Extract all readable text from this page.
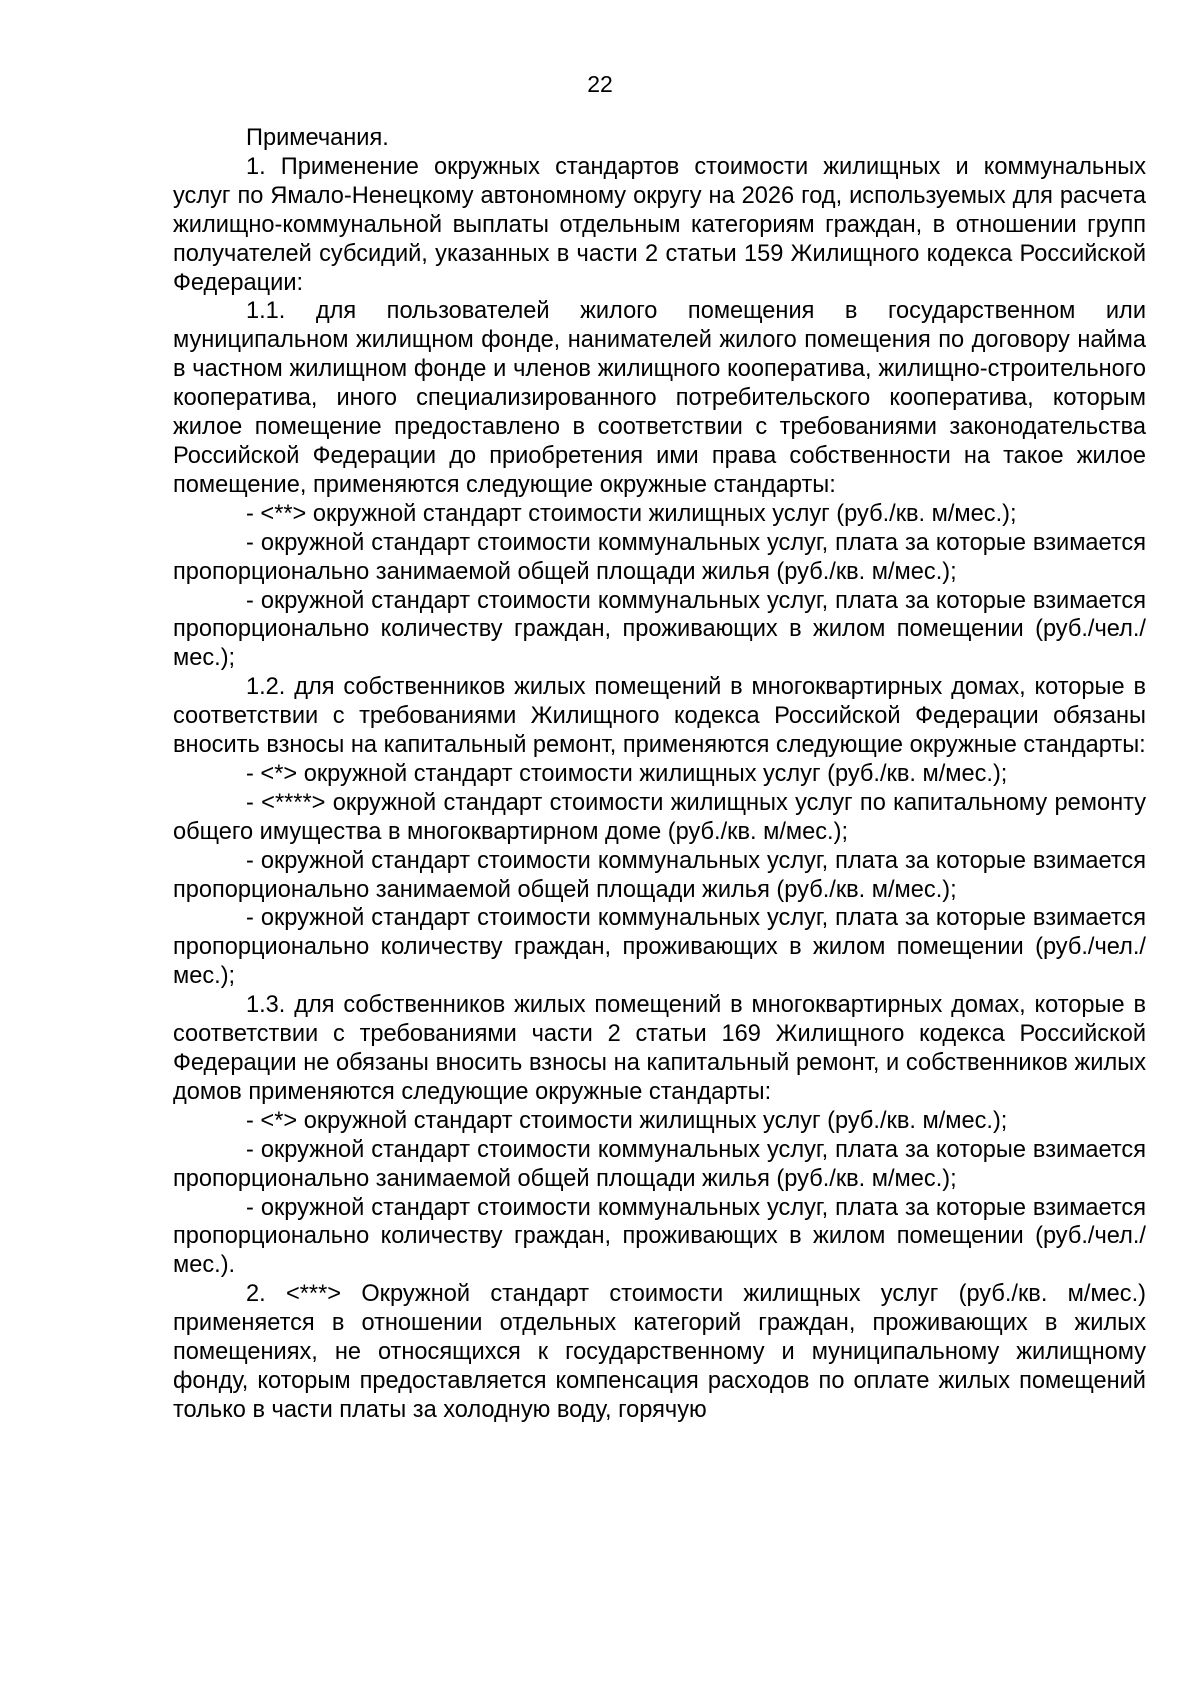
22

Примечания.

1. Применение окружных стандартов стоимости жилищных и коммунальных услуг по Ямало-Ненецкому автономному округу на 2026 год, используемых для расчета жилищно-коммунальной выплаты отдельным категориям граждан, в отношении групп получателей субсидий, указанных в части 2 статьи 159 Жилищного кодекса Российской Федерации:

1.1. для пользователей жилого помещения в государственном или муниципальном жилищном фонде, нанимателей жилого помещения по договору найма в частном жилищном фонде и членов жилищного кооператива, жилищно-строительного кооператива, иного специализированного потребительского кооператива, которым жилое помещение предоставлено в соответствии с требованиями законодательства Российской Федерации до приобретения ими права собственности на такое жилое помещение, применяются следующие окружные стандарты:

- <**> окружной стандарт стоимости жилищных услуг (руб./кв. м/мес.);

- окружной стандарт стоимости коммунальных услуг, плата за которые взимается пропорционально занимаемой общей площади жилья (руб./кв. м/мес.);

- окружной стандарт стоимости коммунальных услуг, плата за которые взимается пропорционально количеству граждан, проживающих в жилом помещении (руб./чел./мес.);

1.2. для собственников жилых помещений в многоквартирных домах, которые в соответствии с требованиями Жилищного кодекса Российской Федерации обязаны вносить взносы на капитальный ремонт, применяются следующие окружные стандарты:

- <*> окружной стандарт стоимости жилищных услуг (руб./кв. м/мес.);

- <****> окружной стандарт стоимости жилищных услуг по капитальному ремонту общего имущества в многоквартирном доме (руб./кв. м/мес.);

- окружной стандарт стоимости коммунальных услуг, плата за которые взимается пропорционально занимаемой общей площади жилья (руб./кв. м/мес.);

- окружной стандарт стоимости коммунальных услуг, плата за которые взимается пропорционально количеству граждан, проживающих в жилом помещении (руб./чел./мес.);

1.3. для собственников жилых помещений в многоквартирных домах, которые в соответствии с требованиями части 2 статьи 169 Жилищного кодекса Российской Федерации не обязаны вносить взносы на капитальный ремонт, и собственников жилых домов применяются следующие окружные стандарты:

- <*> окружной стандарт стоимости жилищных услуг (руб./кв. м/мес.);

- окружной стандарт стоимости коммунальных услуг, плата за которые взимается пропорционально занимаемой общей площади жилья (руб./кв. м/мес.);

- окружной стандарт стоимости коммунальных услуг, плата за которые взимается пропорционально количеству граждан, проживающих в жилом помещении (руб./чел./мес.).

2. <***> Окружной стандарт стоимости жилищных услуг (руб./кв. м/мес.) применяется в отношении отдельных категорий граждан, проживающих в жилых помещениях, не относящихся к государственному и муниципальному жилищному фонду, которым предоставляется компенсация расходов по оплате жилых помещений только в части платы за холодную воду, горячую
